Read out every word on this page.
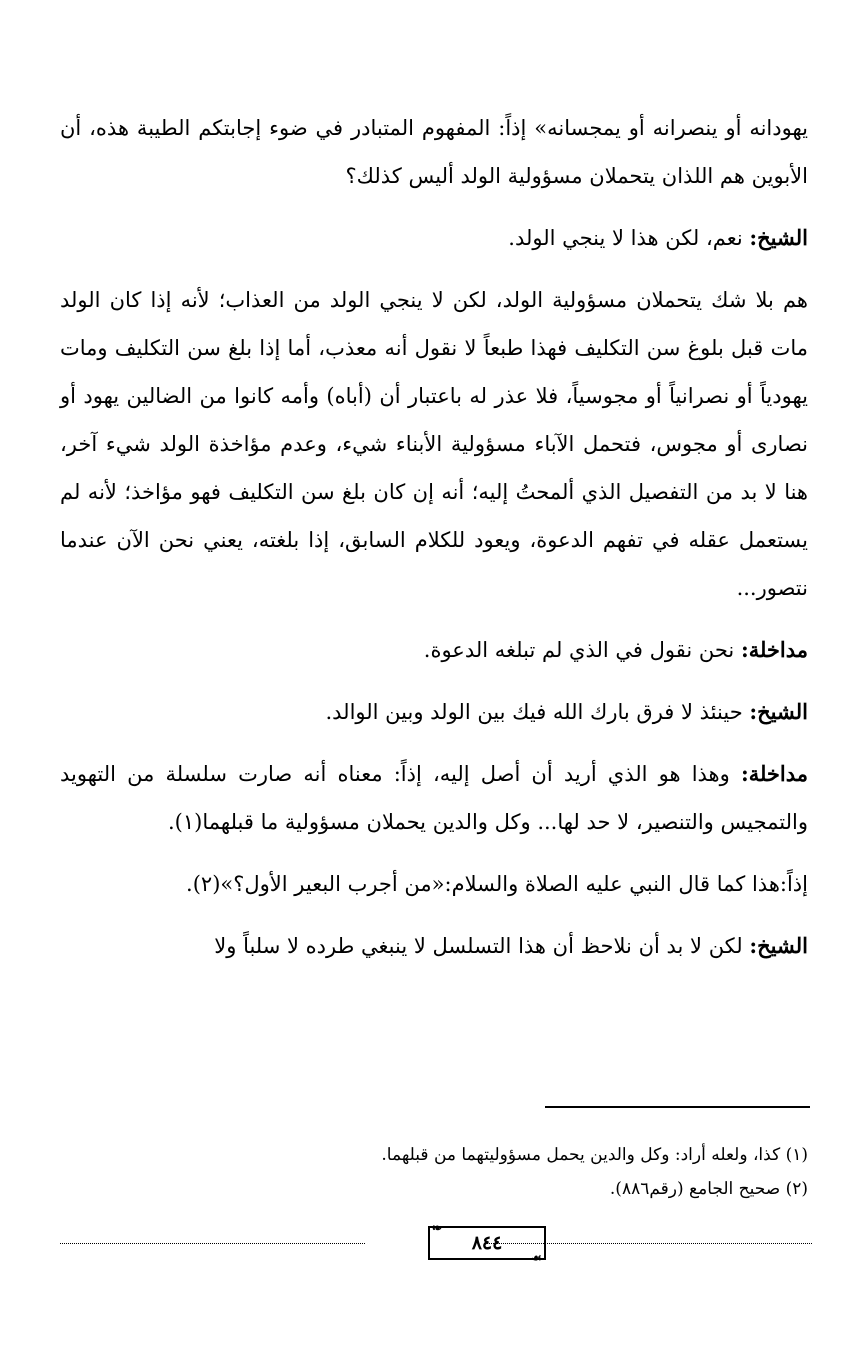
يهودانه أو ينصرانه أو يمجسانه» إذاً: المفهوم المتبادر في ضوء إجابتكم الطيبة هذه، أن الأبوين هم اللذان يتحملان مسؤولية الولد أليس كذلك؟

الشيخ: نعم، لكن هذا لا ينجي الولد.

هم بلا شك يتحملان مسؤولية الولد، لكن لا ينجي الولد من العذاب؛ لأنه إذا كان الولد مات قبل بلوغ سن التكليف فهذا طبعاً لا نقول أنه معذب، أما إذا بلغ سن التكليف ومات يهودياً أو نصرانياً أو مجوسياً، فلا عذر له باعتبار أن (أباه) وأمه كانوا من الضالين يهود أو نصارى أو مجوس، فتحمل الآباء مسؤولية الأبناء شيء، وعدم مؤاخذة الولد شيء آخر، هنا لا بد من التفصيل الذي ألمحتُ إليه؛ أنه إن كان بلغ سن التكليف فهو مؤاخذ؛ لأنه لم يستعمل عقله في تفهم الدعوة، ويعود للكلام السابق، إذا بلغته، يعني نحن الآن عندما نتصور...

مداخلة: نحن نقول في الذي لم تبلغه الدعوة.

الشيخ: حينئذ لا فرق بارك الله فيك بين الولد وبين الوالد.

مداخلة: وهذا هو الذي أريد أن أصل إليه، إذاً: معناه أنه صارت سلسلة من التهويد والتمجيس والتنصير، لا حد لها... وكل والدين يحملان مسؤولية ما قبلهما(١).

إذاً:هذا كما قال النبي عليه الصلاة والسلام:«من أجرب البعير الأول؟»(٢).

الشيخ: لكن لا بد أن نلاحظ أن هذا التسلسل لا ينبغي طرده لا سلباً ولا

(١) كذا، ولعله أراد: وكل والدين يحمل مسؤوليتهما من قبلهما.

(٢) صحيح الجامع (رقم٨٨٦).

❧
٨٤٤
☙
